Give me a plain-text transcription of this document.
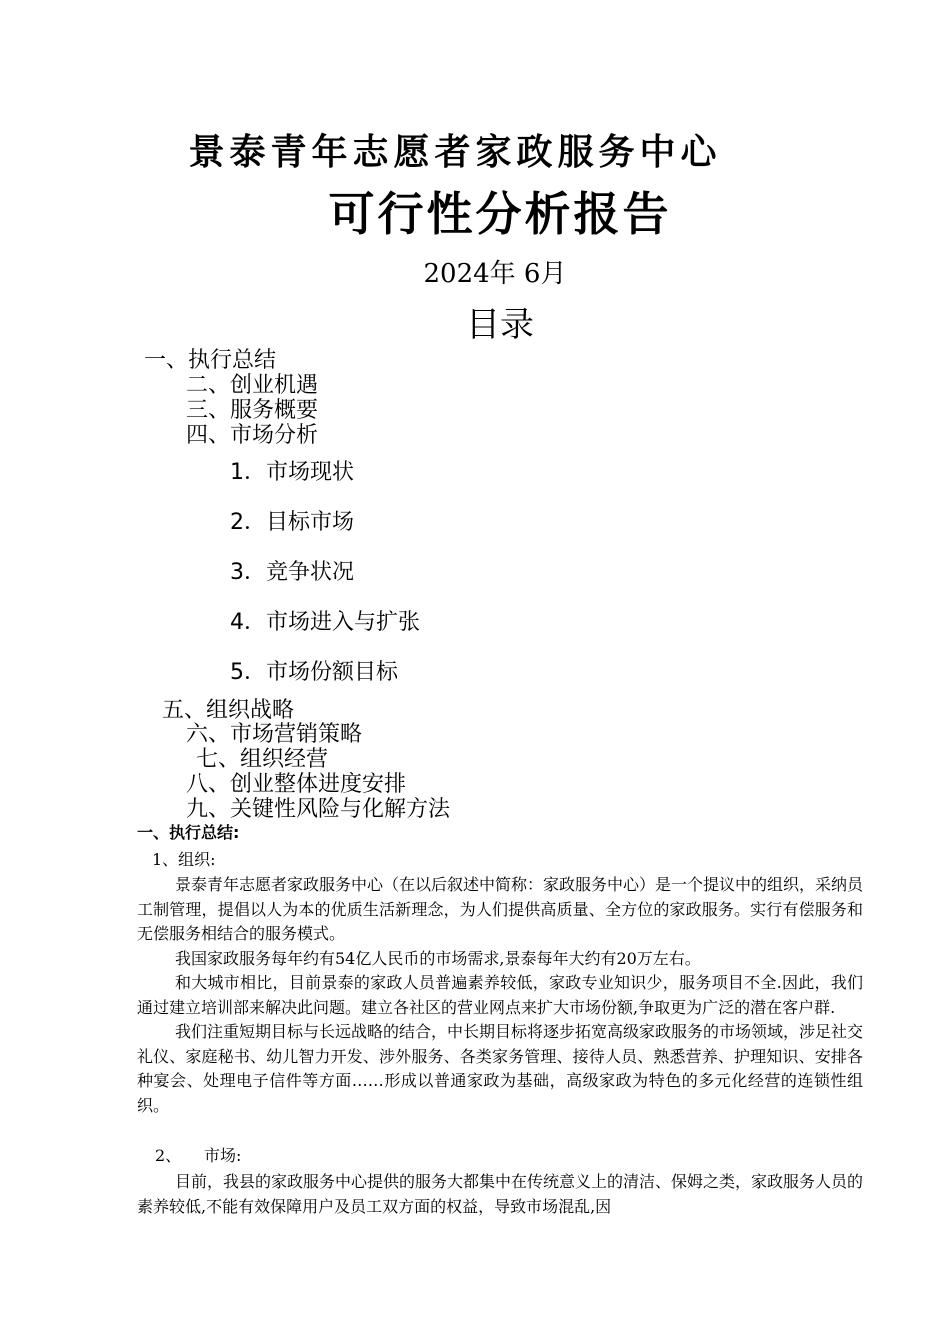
景泰青年志愿者家政服务中心
可行性分析报告
2024年 6月
目录
一、执行总结
二、创业机遇
三、服务概要
四、市场分析
1．市场现状
2．目标市场
3．竞争状况
4．市场进入与扩张
5．市场份额目标
五、组织战略
六、市场营销策略
七、组织经营
八、创业整体进度安排
九、关键性风险与化解方法
一、执行总结:
1、组织:

景泰青年志愿者家政服务中心（在以后叙述中简称：家政服务中心）是一个提议中的组织，采纳员工制管理，提倡以人为本的优质生活新理念，为人们提供高质量、全方位的家政服务。实行有偿服务和无偿服务相结合的服务模式。

我国家政服务每年约有54亿人民币的市场需求,景泰每年大约有20万左右。

和大城市相比，目前景泰的家政人员普遍素养较低，家政专业知识少，服务项目不全.因此，我们通过建立培训部来解决此问题。建立各社区的营业网点来扩大市场份额,争取更为广泛的潜在客户群.

我们注重短期目标与长远战略的结合，中长期目标将逐步拓宽高级家政服务的市场领域，涉足社交礼仪、家庭秘书、幼儿智力开发、涉外服务、各类家务管理、接待人员、熟悉营养、护理知识、安排各种宴会、处理电子信件等方面……形成以普通家政为基础，高级家政为特色的多元化经营的连锁性组织。

2、 市场:

目前，我县的家政服务中心提供的服务大都集中在传统意义上的清洁、保姆之类，家政服务人员的素养较低,不能有效保障用户及员工双方面的权益，导致市场混乱,因
